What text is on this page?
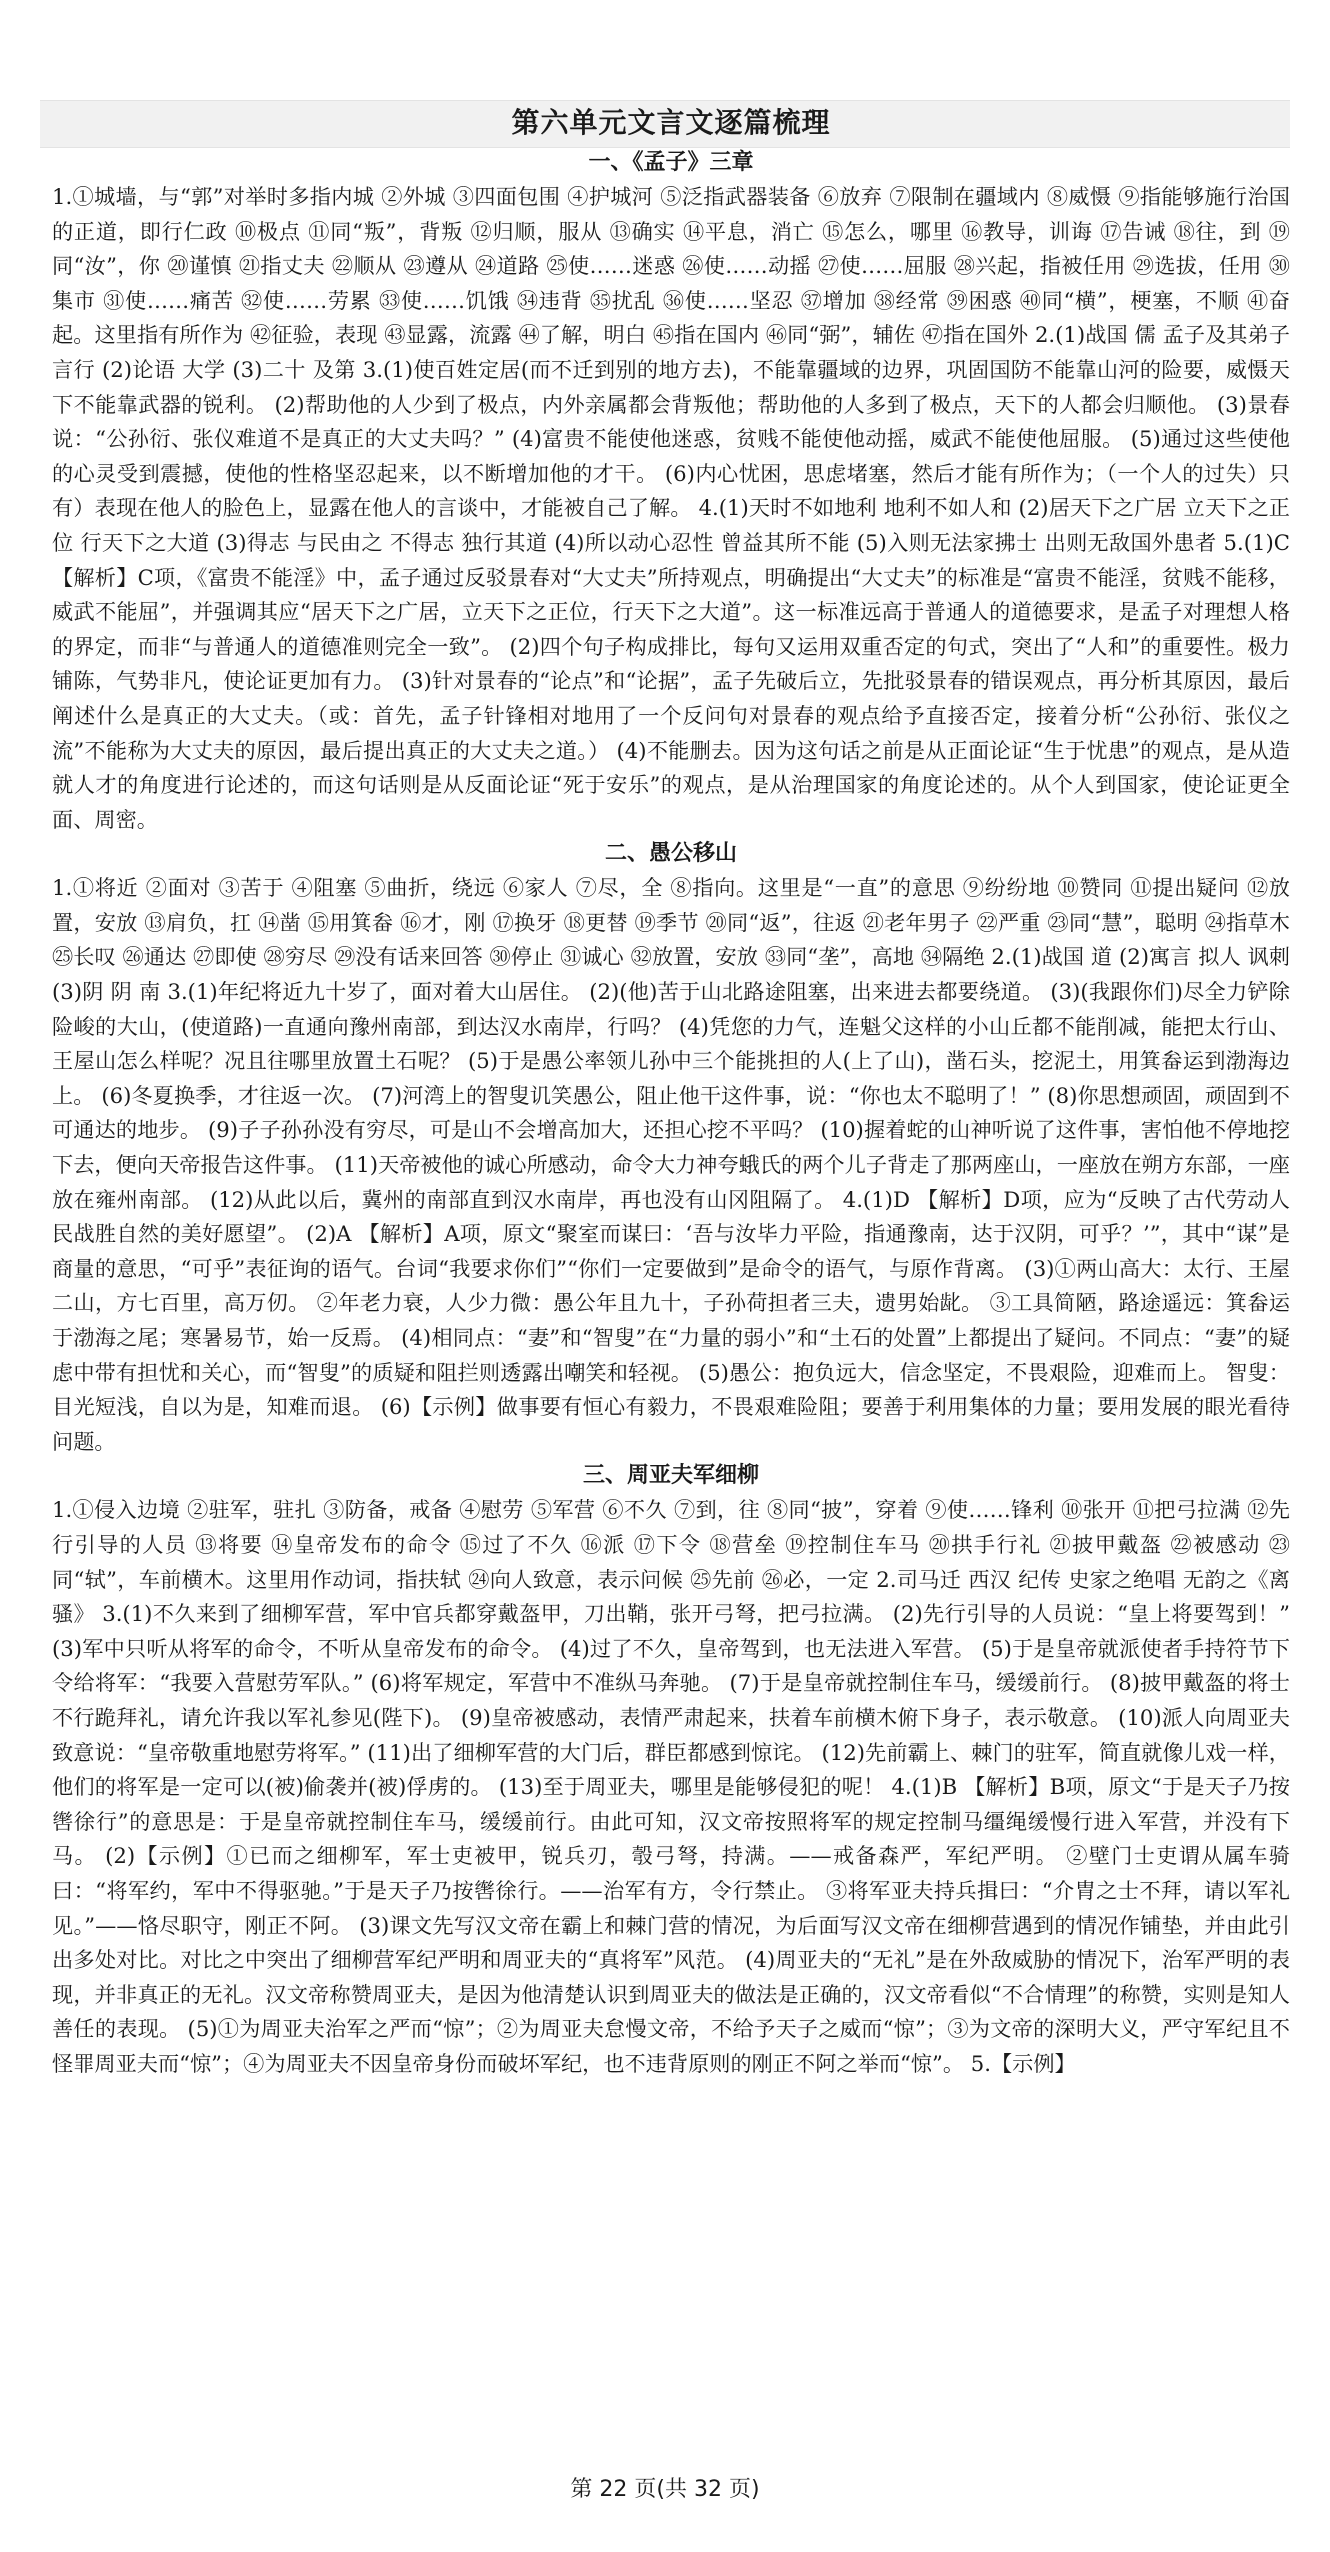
第六单元文言文逐篇梳理
一、《孟子》三章

1.①城墙，与“郭”对举时多指内城 ②外城 ③四面包围 ④护城河 ⑤泛指武器装备 ⑥放弃 ⑦限制在疆域内 ⑧威慑 ⑨指能够施行治国的正道，即行仁政 ⑩极点 ⑪同“叛”，背叛 ⑫归顺，服从 ⑬确实 ⑭平息，消亡 ⑮怎么，哪里 ⑯教导，训诲 ⑰告诫 ⑱往，到 ⑲同“汝”，你 ⑳谨慎 ㉑指丈夫 ㉒顺从 ㉓遵从 ㉔道路 ㉕使……迷惑 ㉖使……动摇 ㉗使……屈服 ㉘兴起，指被任用 ㉙选拔，任用 ㉚集市 ㉛使……痛苦 ㉜使……劳累 ㉝使……饥饿 ㉞违背 ㉟扰乱 ㊱使……坚忍 ㊲增加 ㊳经常 ㊴困惑 ㊵同“横”，梗塞，不顺 ㊶奋起。这里指有所作为 ㊷征验，表现 ㊸显露，流露 ㊹了解，明白 ㊺指在国内 ㊻同“弼”，辅佐 ㊼指在国外 2.(1)战国 儒 孟子及其弟子言行 (2)论语 大学 (3)二十 及第 3.(1)使百姓定居(而不迁到别的地方去)，不能靠疆域的边界，巩固国防不能靠山河的险要，威慑天下不能靠武器的锐利。 (2)帮助他的人少到了极点，内外亲属都会背叛他；帮助他的人多到了极点，天下的人都会归顺他。 (3)景春说：“公孙衍、张仪难道不是真正的大丈夫吗？” (4)富贵不能使他迷惑，贫贱不能使他动摇，威武不能使他屈服。 (5)通过这些使他的心灵受到震撼，使他的性格坚忍起来，以不断增加他的才干。 (6)内心忧困，思虑堵塞，然后才能有所作为；（一个人的过失）只有）表现在他人的脸色上，显露在他人的言谈中，才能被自己了解。 4.(1)天时不如地利 地利不如人和 (2)居天下之广居 立天下之正位 行天下之大道 (3)得志 与民由之 不得志 独行其道 (4)所以动心忍性 曾益其所不能 (5)入则无法家拂士 出则无敌国外患者 5.(1)C 【解析】C项，《富贵不能淫》中，孟子通过反驳景春对“大丈夫”所持观点，明确提出“大丈夫”的标准是“富贵不能淫，贫贱不能移，威武不能屈”，并强调其应“居天下之广居，立天下之正位，行天下之大道”。这一标准远高于普通人的道德要求，是孟子对理想人格的界定，而非“与普通人的道德准则完全一致”。 (2)四个句子构成排比，每句又运用双重否定的句式，突出了“人和”的重要性。极力铺陈，气势非凡，使论证更加有力。 (3)针对景春的“论点”和“论据”，孟子先破后立，先批驳景春的错误观点，再分析其原因，最后阐述什么是真正的大丈夫。（或：首先，孟子针锋相对地用了一个反问句对景春的观点给予直接否定，接着分析“公孙衍、张仪之流”不能称为大丈夫的原因，最后提出真正的大丈夫之道。） (4)不能删去。因为这句话之前是从正面论证“生于忧患”的观点，是从造就人才的角度进行论述的，而这句话则是从反面论证“死于安乐”的观点，是从治理国家的角度论述的。从个人到国家，使论证更全面、周密。

二、愚公移山

1.①将近 ②面对 ③苦于 ④阻塞 ⑤曲折，绕远 ⑥家人 ⑦尽，全 ⑧指向。这里是“一直”的意思 ⑨纷纷地 ⑩赞同 ⑪提出疑问 ⑫放置，安放 ⑬肩负，扛 ⑭凿 ⑮用箕畚 ⑯才，刚 ⑰换牙 ⑱更替 ⑲季节 ⑳同“返”，往返 ㉑老年男子 ㉒严重 ㉓同“慧”，聪明 ㉔指草木 ㉕长叹 ㉖通达 ㉗即使 ㉘穷尽 ㉙没有话来回答 ㉚停止 ㉛诚心 ㉜放置，安放 ㉝同“垄”，高地 ㉞隔绝 2.(1)战国 道 (2)寓言 拟人 讽刺 (3)阴 阴 南 3.(1)年纪将近九十岁了，面对着大山居住。 (2)(他)苦于山北路途阻塞，出来进去都要绕道。 (3)(我跟你们)尽全力铲除险峻的大山，(使道路)一直通向豫州南部，到达汉水南岸，行吗？ (4)凭您的力气，连魁父这样的小山丘都不能削减，能把太行山、王屋山怎么样呢？况且往哪里放置土石呢？ (5)于是愚公率领儿孙中三个能挑担的人(上了山)，凿石头，挖泥土，用箕畚运到渤海边上。 (6)冬夏换季，才往返一次。 (7)河湾上的智叟讥笑愚公，阻止他干这件事，说：“你也太不聪明了！” (8)你思想顽固，顽固到不可通达的地步。 (9)子子孙孙没有穷尽，可是山不会增高加大，还担心挖不平吗？ (10)握着蛇的山神听说了这件事，害怕他不停地挖下去，便向天帝报告这件事。 (11)天帝被他的诚心所感动，命令大力神夸蛾氏的两个儿子背走了那两座山，一座放在朔方东部，一座放在雍州南部。 (12)从此以后，冀州的南部直到汉水南岸，再也没有山冈阻隔了。 4.(1)D 【解析】D项，应为“反映了古代劳动人民战胜自然的美好愿望”。 (2)A 【解析】A项，原文“聚室而谋曰：‘吾与汝毕力平险，指通豫南，达于汉阴，可乎？’”，其中“谋”是商量的意思，“可乎”表征询的语气。台词“我要求你们”“你们一定要做到”是命令的语气，与原作背离。 (3)①两山高大：太行、王屋二山，方七百里，高万仞。 ②年老力衰，人少力微：愚公年且九十，子孙荷担者三夫，遗男始龀。 ③工具简陋，路途遥远：箕畚运于渤海之尾；寒暑易节，始一反焉。 (4)相同点：“妻”和“智叟”在“力量的弱小”和“土石的处置”上都提出了疑问。不同点：“妻”的疑虑中带有担忧和关心，而“智叟”的质疑和阻拦则透露出嘲笑和轻视。 (5)愚公：抱负远大，信念坚定，不畏艰险，迎难而上。 智叟：目光短浅，自以为是，知难而退。 (6)【示例】做事要有恒心有毅力，不畏艰难险阻；要善于利用集体的力量；要用发展的眼光看待问题。

三、周亚夫军细柳

1.①侵入边境 ②驻军，驻扎 ③防备，戒备 ④慰劳 ⑤军营 ⑥不久 ⑦到，往 ⑧同“披”，穿着 ⑨使……锋利 ⑩张开 ⑪把弓拉满 ⑫先行引导的人员 ⑬将要 ⑭皇帝发布的命令 ⑮过了不久 ⑯派 ⑰下令 ⑱营垒 ⑲控制住车马 ⑳拱手行礼 ㉑披甲戴盔 ㉒被感动 ㉓同“轼”，车前横木。这里用作动词，指扶轼 ㉔向人致意，表示问候 ㉕先前 ㉖必，一定 2.司马迁 西汉 纪传 史家之绝唱 无韵之《离骚》 3.(1)不久来到了细柳军营，军中官兵都穿戴盔甲，刀出鞘，张开弓弩，把弓拉满。 (2)先行引导的人员说：“皇上将要驾到！” (3)军中只听从将军的命令，不听从皇帝发布的命令。 (4)过了不久，皇帝驾到，也无法进入军营。 (5)于是皇帝就派使者手持符节下令给将军：“我要入营慰劳军队。” (6)将军规定，军营中不准纵马奔驰。 (7)于是皇帝就控制住车马，缓缓前行。 (8)披甲戴盔的将士不行跪拜礼，请允许我以军礼参见(陛下)。 (9)皇帝被感动，表情严肃起来，扶着车前横木俯下身子，表示敬意。 (10)派人向周亚夫致意说：“皇帝敬重地慰劳将军。” (11)出了细柳军营的大门后，群臣都感到惊诧。 (12)先前霸上、棘门的驻军，简直就像儿戏一样，他们的将军是一定可以(被)偷袭并(被)俘虏的。 (13)至于周亚夫，哪里是能够侵犯的呢！ 4.(1)B 【解析】B项，原文“于是天子乃按辔徐行”的意思是：于是皇帝就控制住车马，缓缓前行。由此可知，汉文帝按照将军的规定控制马缰绳缓慢行进入军营，并没有下马。 (2)【示例】①已而之细柳军，军士吏被甲，锐兵刃，彀弓弩，持满。——戒备森严，军纪严明。 ②壁门士吏谓从属车骑曰：“将军约，军中不得驱驰。”于是天子乃按辔徐行。——治军有方，令行禁止。 ③将军亚夫持兵揖曰：“介胄之士不拜，请以军礼见。”——恪尽职守，刚正不阿。 (3)课文先写汉文帝在霸上和棘门营的情况，为后面写汉文帝在细柳营遇到的情况作铺垫，并由此引出多处对比。对比之中突出了细柳营军纪严明和周亚夫的“真将军”风范。 (4)周亚夫的“无礼”是在外敌威胁的情况下，治军严明的表现，并非真正的无礼。汉文帝称赞周亚夫，是因为他清楚认识到周亚夫的做法是正确的，汉文帝看似“不合情理”的称赞，实则是知人善任的表现。 (5)①为周亚夫治军之严而“惊”；②为周亚夫怠慢文帝，不给予天子之威而“惊”；③为文帝的深明大义，严守军纪且不怪罪周亚夫而“惊”；④为周亚夫不因皇帝身份而破坏军纪，也不违背原则的刚正不阿之举而“惊”。 5.【示例】

第 22 页(共 32 页)
